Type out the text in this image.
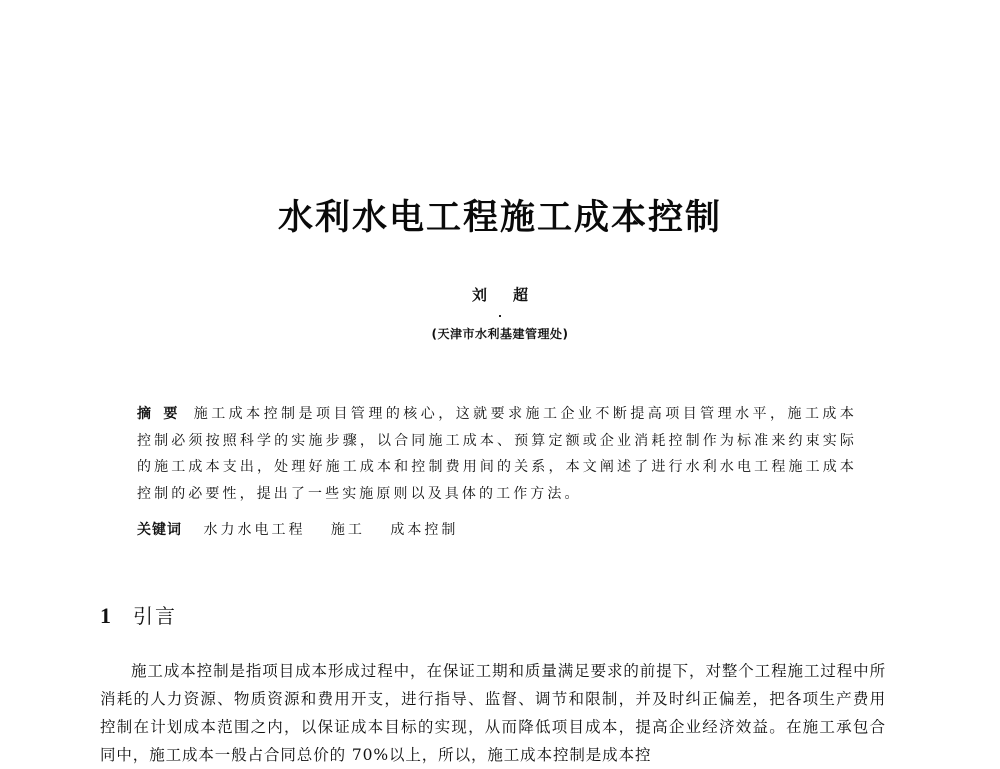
水利水电工程施工成本控制
刘 超
(天津市水利基建管理处)
摘要 施工成本控制是项目管理的核心，这就要求施工企业不断提高项目管理水平，施工成本控制必须按照科学的实施步骤，以合同施工成本、预算定额或企业消耗控制作为标准来约束实际的施工成本支出，处理好施工成本和控制费用间的关系，本文阐述了进行水利水电工程施工成本控制的必要性，提出了一些实施原则以及具体的工作方法。
关键词 水力水电工程 施工 成本控制
1 引言
施工成本控制是指项目成本形成过程中，在保证工期和质量满足要求的前提下，对整个工程施工过程中所消耗的人力资源、物质资源和费用开支，进行指导、监督、调节和限制，并及时纠正偏差，把各项生产费用控制在计划成本范围之内，以保证成本目标的实现，从而降低项目成本，提高企业经济效益。在施工承包合同中，施工成本一般占合同总价的 70%以上，所以，施工成本控制是成本控
